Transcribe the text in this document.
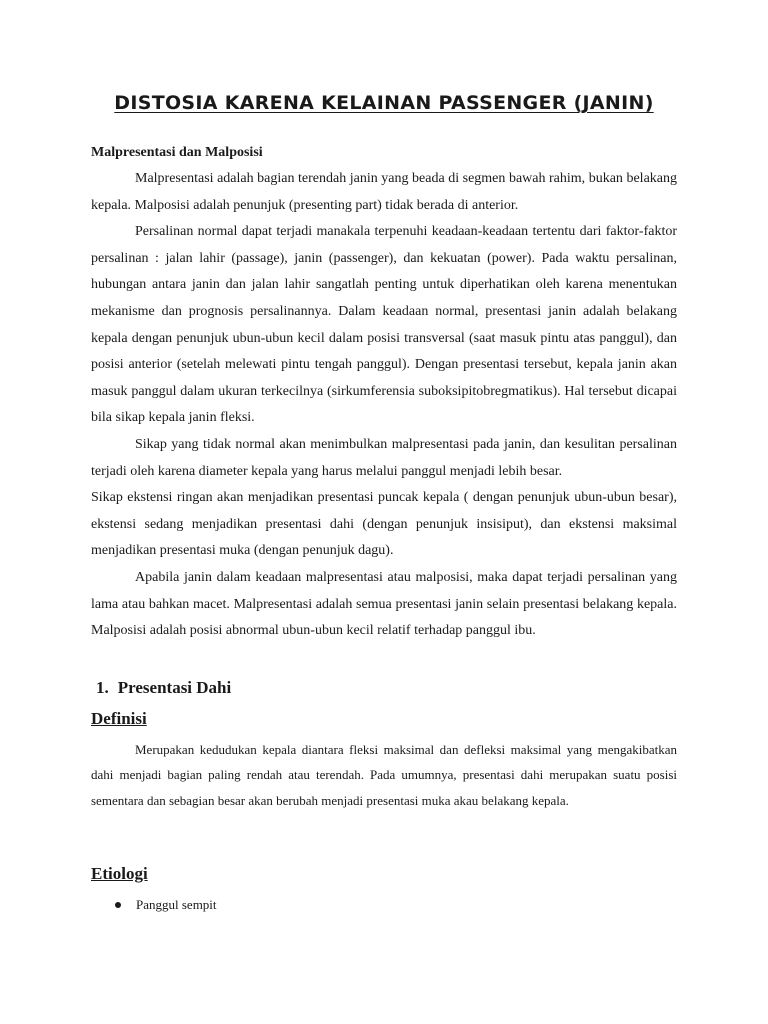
DISTOSIA KARENA KELAINAN PASSENGER (JANIN)

Malpresentasi dan Malposisi

Malpresentasi adalah bagian terendah janin yang beada di segmen bawah rahim, bukan belakang kepala. Malposisi adalah penunjuk (presenting part) tidak berada di anterior.

Persalinan normal dapat terjadi manakala terpenuhi keadaan-keadaan tertentu dari faktor-faktor persalinan : jalan lahir (passage), janin (passenger), dan kekuatan (power). Pada waktu persalinan, hubungan antara janin dan jalan lahir sangatlah penting untuk diperhatikan oleh karena menentukan mekanisme dan prognosis persalinannya. Dalam keadaan normal, presentasi janin adalah belakang kepala dengan penunjuk ubun-ubun kecil dalam posisi transversal (saat masuk pintu atas panggul), dan posisi anterior (setelah melewati pintu tengah panggul). Dengan presentasi tersebut, kepala janin akan masuk panggul dalam ukuran terkecilnya (sirkumferensia suboksipitobregmatikus). Hal tersebut dicapai bila sikap kepala janin fleksi.

Sikap yang tidak normal akan menimbulkan malpresentasi pada janin, dan kesulitan persalinan terjadi oleh karena diameter kepala yang harus melalui panggul menjadi lebih besar.

Sikap ekstensi ringan akan menjadikan presentasi puncak kepala ( dengan penunjuk ubun-ubun besar), ekstensi sedang menjadikan presentasi dahi (dengan penunjuk insisiput), dan ekstensi maksimal menjadikan presentasi muka (dengan penunjuk dagu).

Apabila janin dalam keadaan malpresentasi atau malposisi, maka dapat terjadi persalinan yang lama atau bahkan macet. Malpresentasi adalah semua presentasi janin selain presentasi belakang kepala. Malposisi adalah posisi abnormal ubun-ubun kecil relatif terhadap panggul ibu.

1. Presentasi Dahi
Definisi

Merupakan kedudukan kepala diantara fleksi maksimal dan defleksi maksimal yang mengakibatkan dahi menjadi bagian paling rendah atau terendah. Pada umumnya, presentasi dahi merupakan suatu posisi sementara dan sebagian besar akan berubah menjadi presentasi muka akau belakang kepala.

Etiologi
Panggul sempit
